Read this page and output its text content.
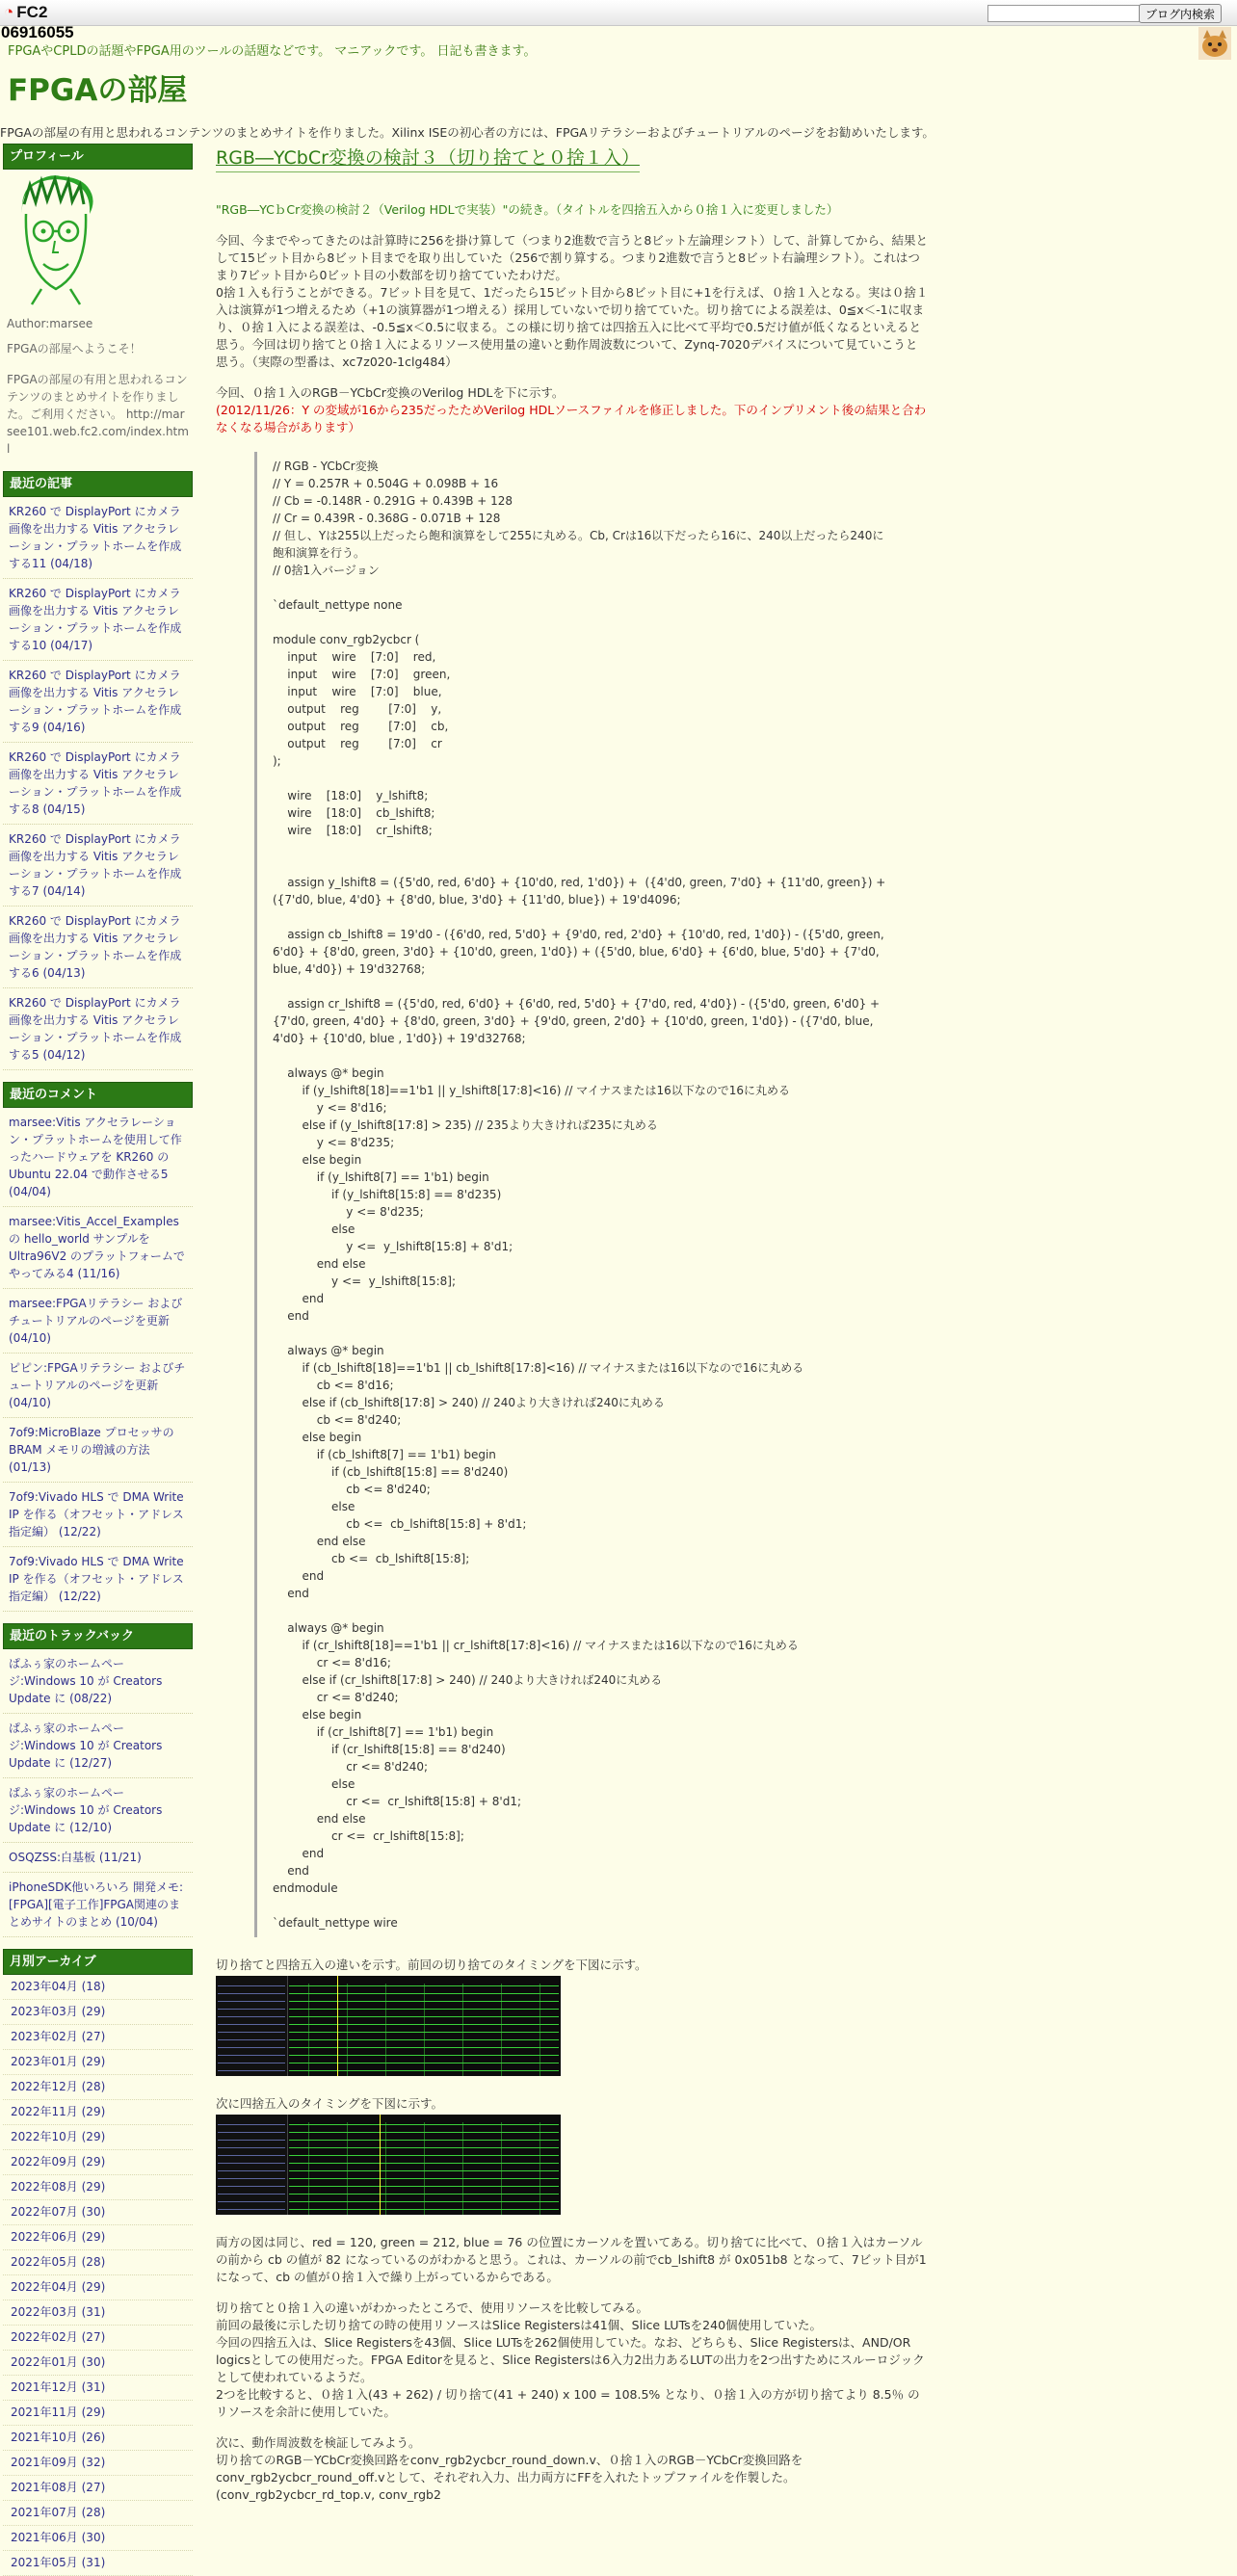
◔ FC2	ブログ内検索
06916055
FPGAやCPLDの話題やFPGA用のツールの話題などです。 マニアックです。 日記も書きます。
FPGAの部屋
FPGAの部屋の有用と思われるコンテンツのまとめサイトを作りました。Xilinx ISEの初心者の方には、FPGAリテラシーおよびチュートリアルのページをお勧めいたします。
プロフィール
Author:marsee
FPGAの部屋へようこそ！
FPGAの部屋の有用と思われるコンテンツのまとめサイトを作りました。ご利用ください。 http://marsee101.web.fc2.com/index.html
最近の記事
KR260 で DisplayPort にカメラ画像を出力する Vitis アクセラレーション・プラットホームを作成する11 (04/18)
KR260 で DisplayPort にカメラ画像を出力する Vitis アクセラレーション・プラットホームを作成する10 (04/17)
KR260 で DisplayPort にカメラ画像を出力する Vitis アクセラレーション・プラットホームを作成する9 (04/16)
KR260 で DisplayPort にカメラ画像を出力する Vitis アクセラレーション・プラットホームを作成する8 (04/15)
KR260 で DisplayPort にカメラ画像を出力する Vitis アクセラレーション・プラットホームを作成する7 (04/14)
KR260 で DisplayPort にカメラ画像を出力する Vitis アクセラレーション・プラットホームを作成する6 (04/13)
KR260 で DisplayPort にカメラ画像を出力する Vitis アクセラレーション・プラットホームを作成する5 (04/12)
最近のコメント
marsee:Vitis アクセラレーション・プラットホームを使用して作ったハードウェアを KR260 の Ubuntu 22.04 で動作させる5 (04/04)
marsee:Vitis_Accel_Examples の hello_world サンプルをUltra96V2 のプラットフォームでやってみる4 (11/16)
marsee:FPGAリテラシー およびチュートリアルのページを更新 (04/10)
ピピン:FPGAリテラシー およびチュートリアルのページを更新 (04/10)
7of9:MicroBlaze プロセッサの BRAM メモリの増減の方法 (01/13)
7of9:Vivado HLS で DMA Write IP を作る（オフセット・アドレス指定編） (12/22)
7of9:Vivado HLS で DMA Write IP を作る（オフセット・アドレス指定編） (12/22)
最近のトラックバック
ぱふぅ家のホームページ:Windows 10 が Creators Update に (08/22)
ぱふぅ家のホームページ:Windows 10 が Creators Update に (12/27)
ぱふぅ家のホームページ:Windows 10 が Creators Update に (12/10)
OSQZSS:白基板 (11/21)
iPhoneSDK他いろいろ 開発メモ:[FPGA][電子工作]FPGA関連のまとめサイトのまとめ (10/04)
月別アーカイブ
2023年04月 (18)
2023年03月 (29)
2023年02月 (27)
2023年01月 (29)
2022年12月 (28)
2022年11月 (29)
2022年10月 (29)
2022年09月 (29)
2022年08月 (29)
2022年07月 (30)
2022年06月 (29)
2022年05月 (28)
2022年04月 (29)
2022年03月 (31)
2022年02月 (27)
2022年01月 (30)
2021年12月 (31)
2021年11月 (29)
2021年10月 (26)
2021年09月 (32)
2021年08月 (27)
2021年07月 (28)
2021年06月 (30)
2021年05月 (31)
RGB―YCbCr変換の検討３（切り捨てと０捨１入）

"RGB―YCｂCr変換の検討２（Verilog HDLで実装）"の続き。（タイトルを四捨五入から０捨１入に変更しました）

今回、今までやってきたのは計算時に256を掛け算して（つまり2進数で言うと8ビット左論理シフト）して、計算してから、結果として15ビット目から8ビット目までを取り出していた（256で割り算する。つまり2進数で言うと8ビット右論理シフト）。これはつまり7ビット目から0ビット目の小数部を切り捨てていたわけだ。
0捨１入も行うことができる。7ビット目を見て、1だったら15ビット目から8ビット目に+1を行えば、０捨１入となる。実は０捨１入は演算が1つ増えるため（+1の演算器が1つ増える）採用していないで切り捨てていた。切り捨てによる誤差は、0≦x＜-1に収まり、０捨１入による誤差は、-0.5≦x＜0.5に収まる。この様に切り捨ては四捨五入に比べて平均で0.5だけ値が低くなるといえると思う。今回は切り捨てと０捨１入によるリソース使用量の違いと動作周波数について、Zynq-7020デバイスについて見ていこうと思う。（実際の型番は、xc7z020-1clg484）

今回、０捨１入のRGB－YCbCr変換のVerilog HDLを下に示す。

(2012/11/26：Y の変域が16から235だったためVerilog HDLソースファイルを修正しました。下のインプリメント後の結果と合わなくなる場合があります）

// RGB - YCbCr変換
// Y = 0.257R + 0.504G + 0.098B + 16
// Cb = -0.148R - 0.291G + 0.439B + 128
// Cr = 0.439R - 0.368G - 0.071B + 128
// 但し、Yは255以上だったら飽和演算をして255に丸める。Cb, Crは16以下だったら16に、240以上だったら240に飽和演算を行う。
// 0捨1入バージョン

`default_nettype none

module conv_rgb2ycbcr (
input    wire    [7:0]    red,
input    wire    [7:0]    green,
input    wire    [7:0]    blue,
output    reg        [7:0]    y,
output    reg        [7:0]    cb,
output    reg        [7:0]    cr
);

wire    [18:0]    y_lshift8;
wire    [18:0]    cb_lshift8;
wire    [18:0]    cr_lshift8;

assign y_lshift8 = ({5'd0, red, 6'd0} + {10'd0, red, 1'd0}) +  ({4'd0, green, 7'd0} + {11'd0, green}) + ({7'd0, blue, 4'd0} + {8'd0, blue, 3'd0} + {11'd0, blue}) + 19'd4096;

assign cb_lshift8 = 19'd0 - ({6'd0, red, 5'd0} + {9'd0, red, 2'd0} + {10'd0, red, 1'd0}) - ({5'd0, green, 6'd0} + {8'd0, green, 3'd0} + {10'd0, green, 1'd0}) + ({5'd0, blue, 6'd0} + {6'd0, blue, 5'd0} + {7'd0, blue, 4'd0}) + 19'd32768;

assign cr_lshift8 = ({5'd0, red, 6'd0} + {6'd0, red, 5'd0} + {7'd0, red, 4'd0}) - ({5'd0, green, 6'd0} + {7'd0, green, 4'd0} + {8'd0, green, 3'd0} + {9'd0, green, 2'd0} + {10'd0, green, 1'd0}) - ({7'd0, blue, 4'd0} + {10'd0, blue , 1'd0}) + 19'd32768;

always @* begin
if (y_lshift8[18]==1'b1 || y_lshift8[17:8]<16) // マイナスまたは16以下なので16に丸める
y <= 8'd16;
else if (y_lshift8[17:8] > 235) // 235より大きければ235に丸める
y <= 8'd235;
else begin
if (y_lshift8[7] == 1'b1) begin
if (y_lshift8[15:8] == 8'd235)
y <= 8'd235;
else
y <=  y_lshift8[15:8] + 8'd1;
end else
y <=  y_lshift8[15:8];
end
end

always @* begin
if (cb_lshift8[18]==1'b1 || cb_lshift8[17:8]<16) // マイナスまたは16以下なので16に丸める
cb <= 8'd16;
else if (cb_lshift8[17:8] > 240) // 240より大きければ240に丸める
cb <= 8'd240;
else begin
if (cb_lshift8[7] == 1'b1) begin
if (cb_lshift8[15:8] == 8'd240)
cb <= 8'd240;
else
cb <=  cb_lshift8[15:8] + 8'd1;
end else
cb <=  cb_lshift8[15:8];
end
end

always @* begin
if (cr_lshift8[18]==1'b1 || cr_lshift8[17:8]<16) // マイナスまたは16以下なので16に丸める
cr <= 8'd16;
else if (cr_lshift8[17:8] > 240) // 240より大きければ240に丸める
cr <= 8'd240;
else begin
if (cr_lshift8[7] == 1'b1) begin
if (cr_lshift8[15:8] == 8'd240)
cr <= 8'd240;
else
cr <=  cr_lshift8[15:8] + 8'd1;
end else
cr <=  cr_lshift8[15:8];
end
end
endmodule

`default_nettype wire

切り捨てと四捨五入の違いを示す。前回の切り捨てのタイミングを下図に示す。

次に四捨五入のタイミングを下図に示す。

両方の図は同じ、red = 120, green = 212, blue = 76 の位置にカーソルを置いてある。切り捨てに比べて、０捨１入はカーソルの前から cb の値が 82 になっているのがわかると思う。これは、カーソルの前でcb_lshift8 が 0x051b8 となって、7ビット目が1になって、cb の値が０捨１入で繰り上がっているからである。

切り捨てと０捨１入の違いがわかったところで、使用リソースを比較してみる。
前回の最後に示した切り捨ての時の使用リソースはSlice Registersは41個、Slice LUTsを240個使用していた。
今回の四捨五入は、Slice Registersを43個、Slice LUTsを262個使用していた。なお、どちらも、Slice Registersは、AND/OR logicsとしての使用だった。FPGA Editorを見ると、Slice Registersは6入力2出力あるLUTの出力を2つ出すためにスルーロジックとして使われているようだ。
2つを比較すると、０捨１入(43 + 262) / 切り捨て(41 + 240) x 100 = 108.5% となり、０捨１入の方が切り捨てより 8.5％ のリソースを余計に使用していた。

次に、動作周波数を検証してみよう。
切り捨てのRGB－YCbCr変換回路をconv_rgb2ycbcr_round_down.v、０捨１入のRGB－YCbCr変換回路をconv_rgb2ycbcr_round_off.vとして、それぞれ入力、出力両方にFFを入れたトップファイルを作製した。(conv_rgb2ycbcr_rd_top.v, conv_rgb2
